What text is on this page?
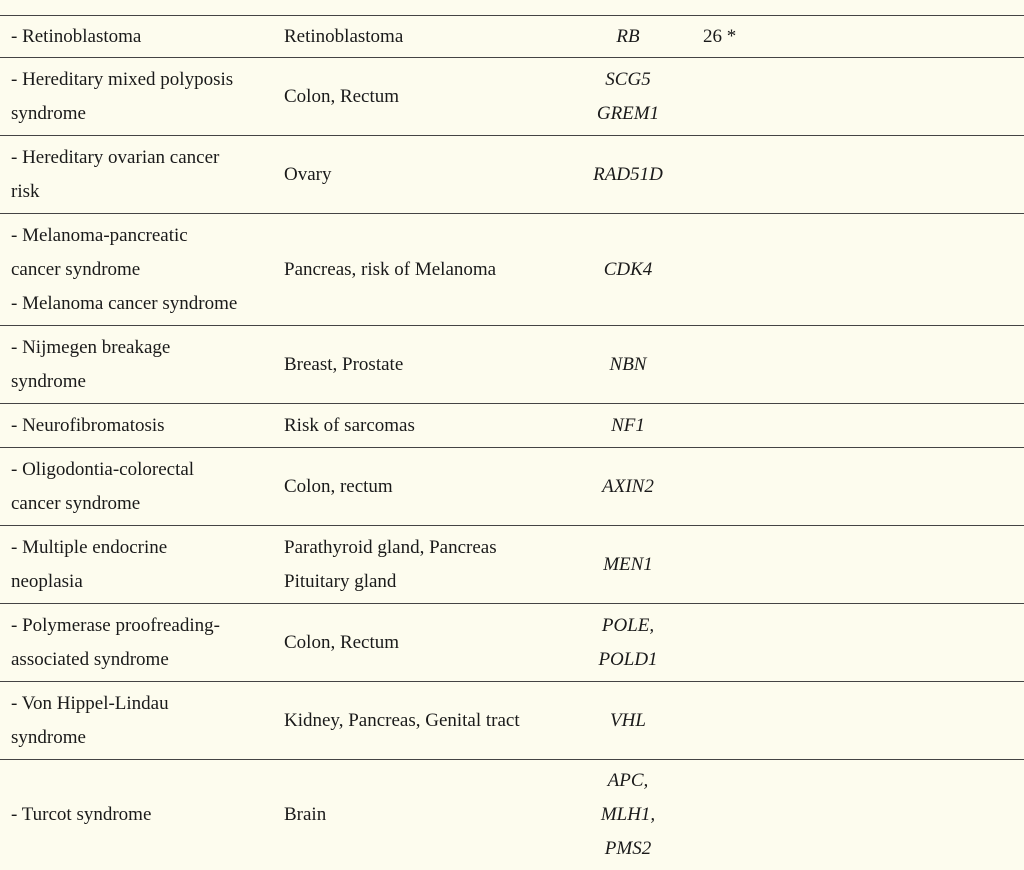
- Retinoblastoma	Retinoblastoma	RB	26 *

- Hereditary mixed polyposis
syndrome	Colon, Rectum	SCG5
GREM1	

- Hereditary ovarian cancer
risk	Ovary	RAD51D	

- Melanoma-pancreatic
cancer syndrome
- Melanoma cancer syndrome	Pancreas, risk of Melanoma	CDK4	

- Nijmegen breakage
syndrome	Breast, Prostate	NBN	

- Neurofibromatosis	Risk of sarcomas	NF1	

- Oligodontia-colorectal
cancer syndrome	Colon, rectum	AXIN2	

- Multiple endocrine
neoplasia	Parathyroid gland, Pancreas
Pituitary gland	MEN1	

- Polymerase proofreading-
associated syndrome	Colon, Rectum	POLE,
POLD1	

- Von Hippel-Lindau
syndrome	Kidney, Pancreas, Genital tract	VHL	

- Turcot syndrome	Brain	APC,
MLH1,
PMS2	
